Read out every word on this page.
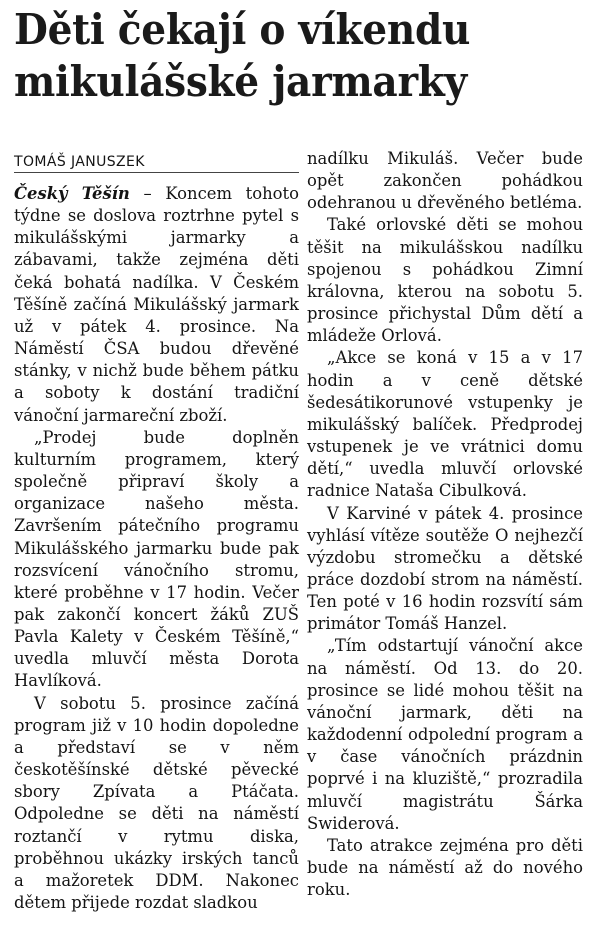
Děti čekají o víkendu mikulášské jarmarky
TOMÁŠ JANUSZEK

Český Těšín – Koncem tohoto týdne se doslova roztrhne pytel s mikulášskými jarmarky a zábavami, takže zejména děti čeká bohatá nadílka. V Českém Těšíně začíná Mikulášský jarmark už v pátek 4. prosince. Na Náměstí ČSA budou dřevěné stánky, v nichž bude během pátku a soboty k dostání tradiční vánoční jarmareční zboží.

„Prodej bude doplněn kulturním programem, který společně připraví školy a organizace našeho města. Završením pátečního programu Mikulášského jarmarku bude pak rozsvícení vánočního stromu, které proběhne v 17 hodin. Večer pak zakončí koncert žáků ZUŠ Pavla Kalety v Českém Těšíně,“ uvedla mluvčí města Dorota Havlíková.

V sobotu 5. prosince začíná program již v 10 hodin dopoledne a představí se v něm českotěšínské dětské pěvecké sbory Zpívata a Ptáčata. Odpoledne se děti na náměstí roztančí v rytmu diska, proběhnou ukázky irských tanců a mažoretek DDM. Nakonec dětem přijede rozdat sladkou

nadílku Mikuláš. Večer bude opět zakončen pohádkou odehranou u dřevěného betléma.

Také orlovské děti se mohou těšit na mikulášskou nadílku spojenou s pohádkou Zimní královna, kterou na sobotu 5. prosince přichystal Dům dětí a mládeže Orlová.

„Akce se koná v 15 a v 17 hodin a v ceně dětské šedesátikorunové vstupenky je mikulášský balíček. Předprodej vstupenek je ve vrátnici domu dětí,“ uvedla mluvčí orlovské radnice Nataša Cibulková.

V Karviné v pátek 4. prosince vyhlásí vítěze soutěže O nejhezčí výzdobu stromečku a dětské práce dozdobí strom na náměstí. Ten poté v 16 hodin rozsvítí sám primátor Tomáš Hanzel.

„Tím odstartují vánoční akce na náměstí. Od 13. do 20. prosince se lidé mohou těšit na vánoční jarmark, děti na každodenní odpolední program a v čase vánočních prázdnin poprvé i na kluziště,“ prozradila mluvčí magistrátu Šárka Swiderová.

Tato atrakce zejména pro děti bude na náměstí až do nového roku.
